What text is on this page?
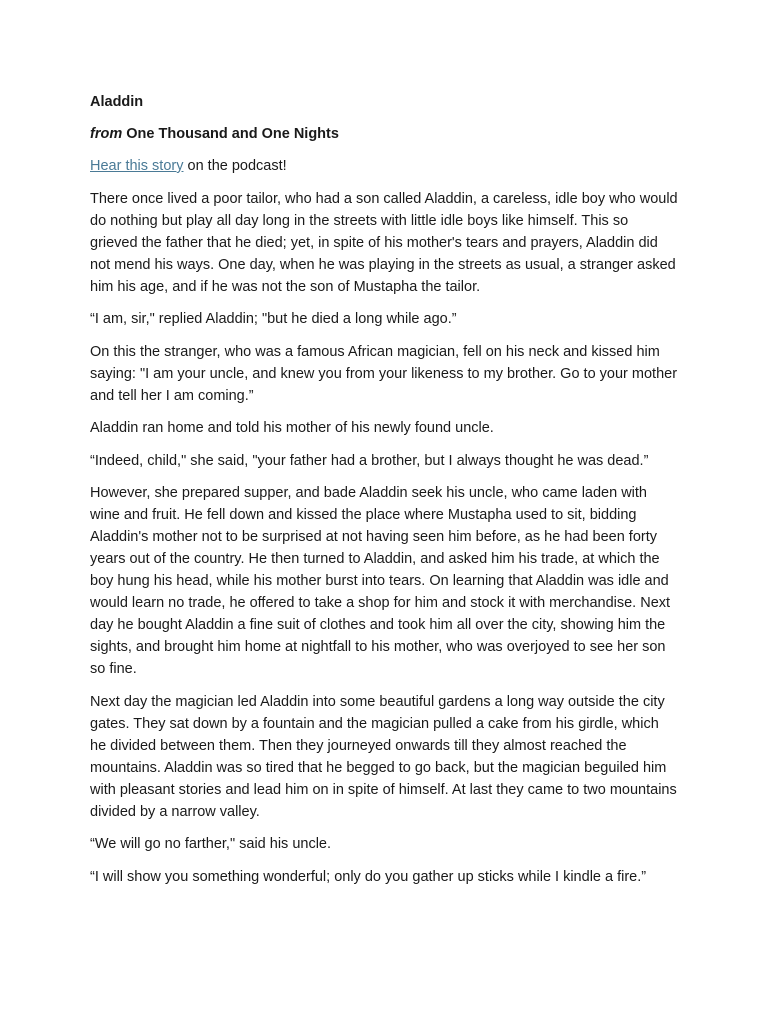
Aladdin
from One Thousand and One Nights

Hear this story on the podcast!

There once lived a poor tailor, who had a son called Aladdin, a careless, idle boy who would do nothing but play all day long in the streets with little idle boys like himself. This so grieved the father that he died; yet, in spite of his mother's tears and prayers, Aladdin did not mend his ways. One day, when he was playing in the streets as usual, a stranger asked him his age, and if he was not the son of Mustapha the tailor.

“I am, sir," replied Aladdin; "but he died a long while ago.”

On this the stranger, who was a famous African magician, fell on his neck and kissed him saying: "I am your uncle, and knew you from your likeness to my brother. Go to your mother and tell her I am coming.”

Aladdin ran home and told his mother of his newly found uncle.

“Indeed, child," she said, "your father had a brother, but I always thought he was dead.”

However, she prepared supper, and bade Aladdin seek his uncle, who came laden with wine and fruit. He fell down and kissed the place where Mustapha used to sit, bidding Aladdin's mother not to be surprised at not having seen him before, as he had been forty years out of the country. He then turned to Aladdin, and asked him his trade, at which the boy hung his head, while his mother burst into tears. On learning that Aladdin was idle and would learn no trade, he offered to take a shop for him and stock it with merchandise. Next day he bought Aladdin a fine suit of clothes and took him all over the city, showing him the sights, and brought him home at nightfall to his mother, who was overjoyed to see her son so fine.

Next day the magician led Aladdin into some beautiful gardens a long way outside the city gates. They sat down by a fountain and the magician pulled a cake from his girdle, which he divided between them. Then they journeyed onwards till they almost reached the mountains. Aladdin was so tired that he begged to go back, but the magician beguiled him with pleasant stories and lead him on in spite of himself. At last they came to two mountains divided by a narrow valley.

“We will go no farther," said his uncle.

“I will show you something wonderful; only do you gather up sticks while I kindle a fire.”
